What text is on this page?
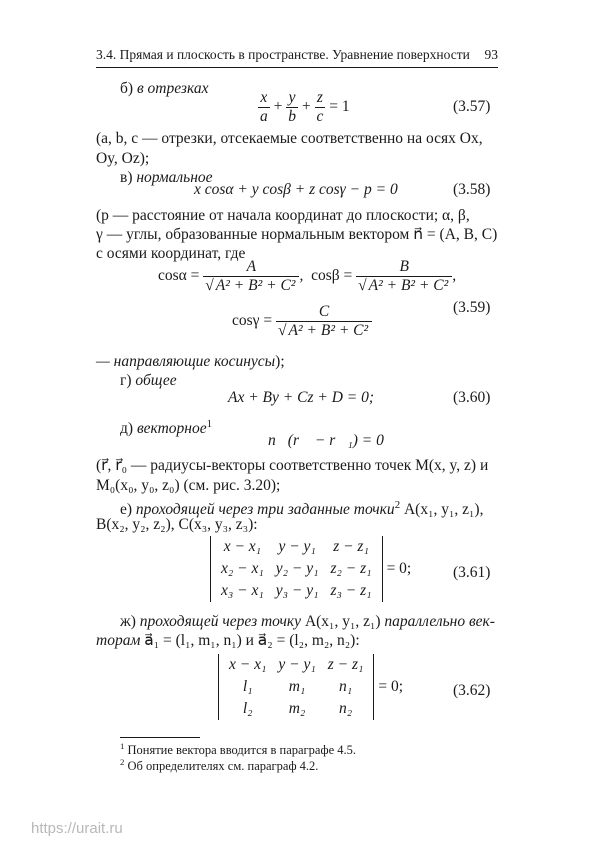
3.4. Прямая и плоскость в пространстве. Уравнение поверхности 93
б) в отрезках
$\frac{x}{a} + \frac{y}{b} + \frac{z}{c} = 1$	(3.57)
(a, b, c — отрезки, отсекаемые соответственно на осях Ox,
Oy, Oz);
в) нормальное
x cosα + y cosβ + z cosγ − p = 0	(3.58)
(p — расстояние от начала координат до плоскости; α, β,
γ — углы, образованные нормальным вектором n⃗ = (A, B, C)
с осями координат, где
$\cos\alpha = \frac{A}{\text{√ A² + B² + C²}}$ ,  $\cos\beta = \frac{B}{\text{√ A² + B² + C²}}$ ,
$\cos\gamma = \frac{C}{\text{√ A² + B² + C²}}$	(3.59)
— направляющие косинусы);
г) общее
Ax + By + Cz + D = 0;	(3.60)
д) векторное$^1$
n⃗(r⃗ − r⃗₁) = 0
(r⃗, r⃗₀ — радиусы-векторы соответственно точек M(x, y, z) и
M₀(x₀, y₀, z₀) (см. рис. 3.20);
е) проходящей через три заданные точки$^2$ A(x₁, y₁, z₁),
B(x₂, y₂, z₂), C(x₃, y₃, z₃):
x − x₁	y − y₁	z − z₁
x₂ − x₁	y₂ − y₁	z₂ − z₁
x₃ − x₁	y₃ − y₁	z₃ − z₁
= 0;	(3.61)
ж) проходящей через точку A(x₁, y₁, z₁) параллельно век-
торам a⃗₁ = (l₁, m₁, n₁) и a⃗₂ = (l₂, m₂, n₂):
x − x₁	y − y₁	z − z₁
l₁	m₁	n₁
l₂	m₂	n₂
= 0;	(3.62)
$^1$ Понятие вектора вводится в параграфе 4.5.
$^2$ Об определителях см. параграф 4.2.
https://urait.ru
